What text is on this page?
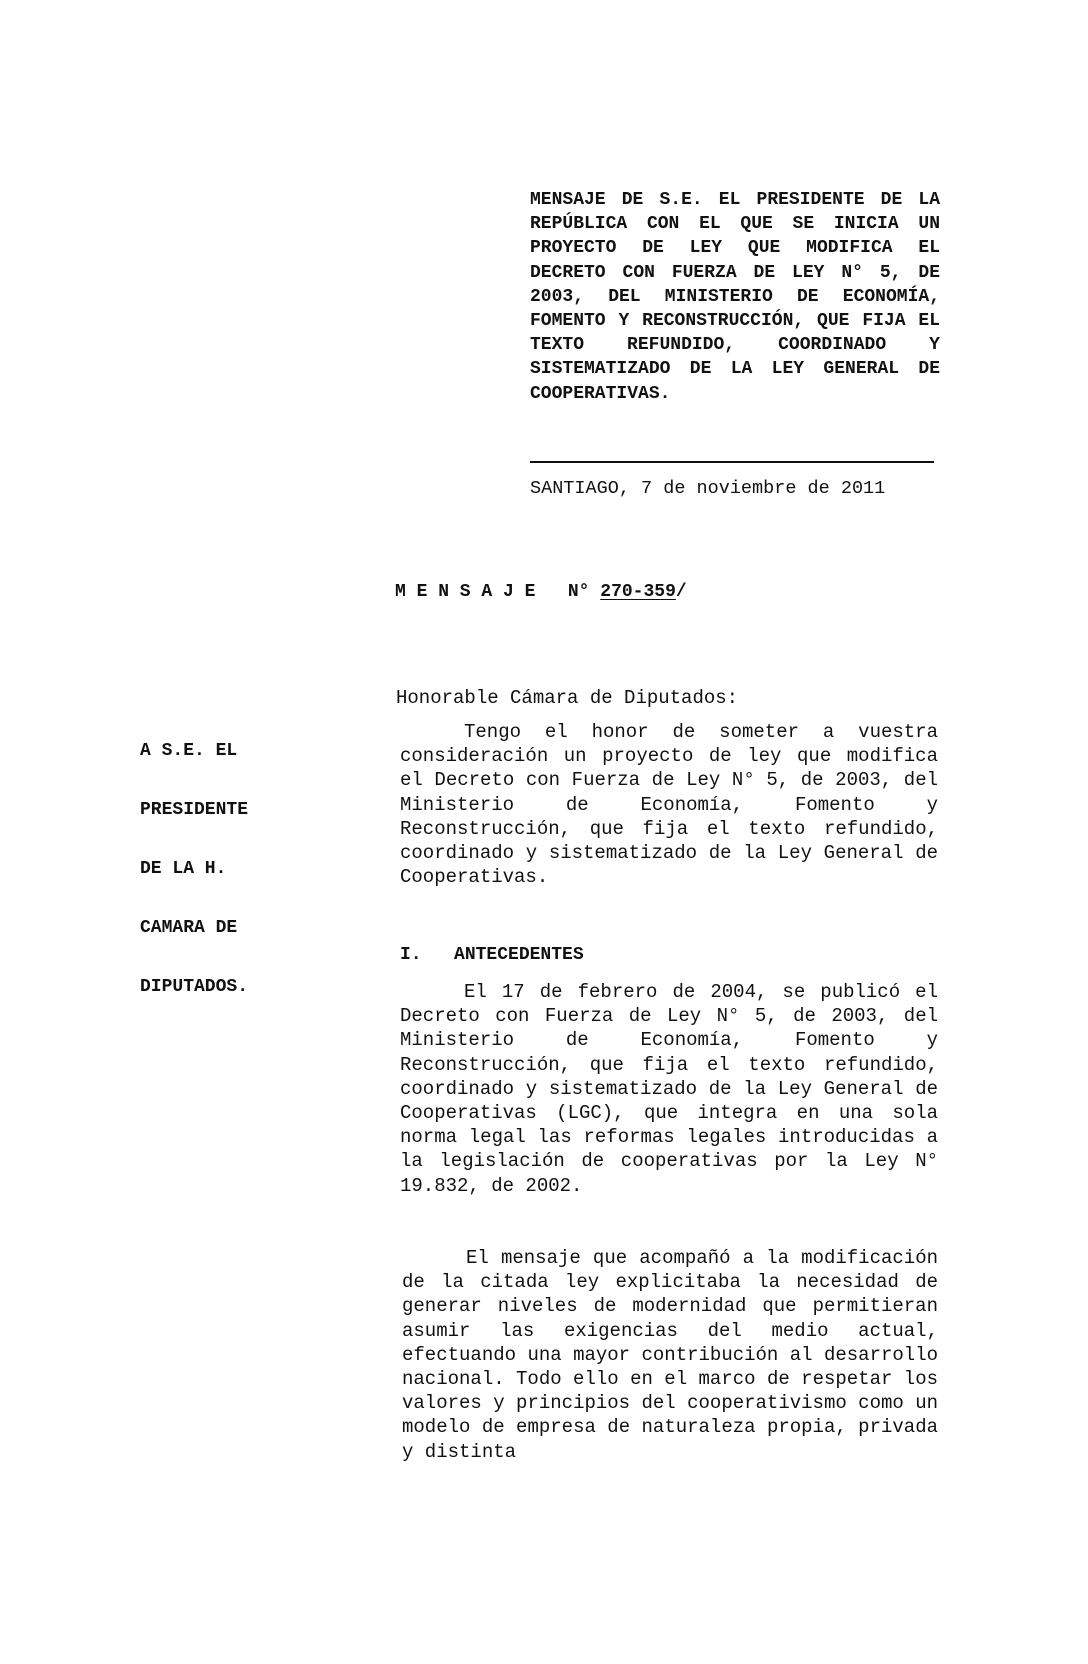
MENSAJE DE S.E. EL PRESIDENTE DE LA REPÚBLICA CON EL QUE SE INICIA UN PROYECTO DE LEY QUE MODIFICA EL DECRETO CON FUERZA DE LEY N° 5, DE 2003, DEL MINISTERIO DE ECONOMÍA, FOMENTO Y RECONSTRUCCIÓN, QUE FIJA EL TEXTO REFUNDIDO, COORDINADO Y SISTEMATIZADO DE LA LEY GENERAL DE COOPERATIVAS.
SANTIAGO, 7 de noviembre de 2011
M E N S A J E N° 270-359/
A S.E. EL
PRESIDENTE
DE LA H.
CAMARA DE
DIPUTADOS.
Honorable Cámara de Diputados:
Tengo el honor de someter a vuestra consideración un proyecto de ley que modifica el Decreto con Fuerza de Ley N° 5, de 2003, del Ministerio de Economía, Fomento y Reconstrucción, que fija el texto refundido, coordinado y sistematizado de la Ley General de Cooperativas.
I. ANTECEDENTES
El 17 de febrero de 2004, se publicó el Decreto con Fuerza de Ley N° 5, de 2003, del Ministerio de Economía, Fomento y Reconstrucción, que fija el texto refundido, coordinado y sistematizado de la Ley General de Cooperativas (LGC), que integra en una sola norma legal las reformas legales introducidas a la legislación de cooperativas por la Ley N° 19.832, de 2002.
El mensaje que acompañó a la modificación de la citada ley explicitaba la necesidad de generar niveles de modernidad que permitieran asumir las exigencias del medio actual, efectuando una mayor contribución al desarrollo nacional. Todo ello en el marco de respetar los valores y principios del cooperativismo como un modelo de empresa de naturaleza propia, privada y distinta
